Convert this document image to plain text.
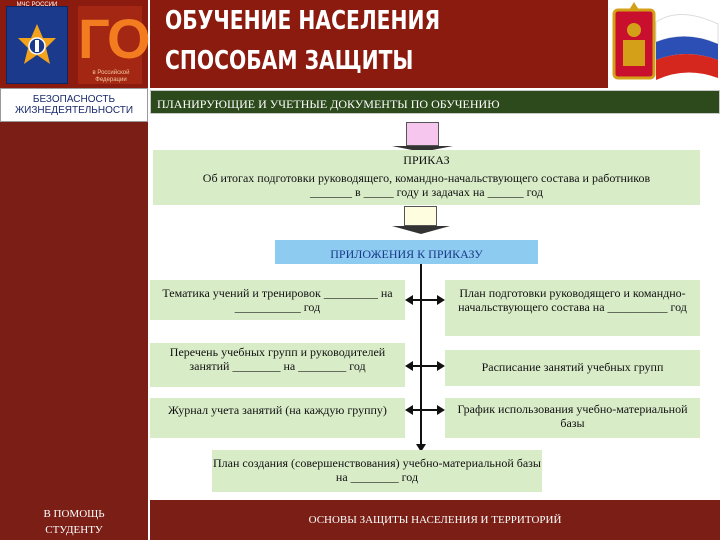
МЧС РОССИИ
ГО
в Российской Федерации
ОБУЧЕНИЕ НАСЕЛЕНИЯ
СПОСОБАМ ЗАЩИТЫ
БЕЗОПАСНОСТЬ ЖИЗНЕДЕЯТЕЛЬНОСТИ
В ПОМОЩЬ
СТУДЕНТУ
ПЛАНИРУЮЩИЕ И УЧЕТНЫЕ ДОКУМЕНТЫ ПО ОБУЧЕНИЮ
ПРИКАЗ
Об итогах подготовки руководящего, командно-начальствующего состава и работников _______ в _____ году и задачах на ______ год
ПРИЛОЖЕНИЯ К ПРИКАЗУ
Тематика учений и тренировок _________ на ___________ год
Перечень учебных групп и руководителей занятий ________ на ________ год
Журнал учета занятий (на каждую группу)
План подготовки руководящего и командно-начальствующего состава на __________ год
Расписание занятий учебных групп
График использования учебно-материальной базы
План создания (совершенствования) учебно-материальной базы на ________ год
ОСНОВЫ ЗАЩИТЫ НАСЕЛЕНИЯ И ТЕРРИТОРИЙ
